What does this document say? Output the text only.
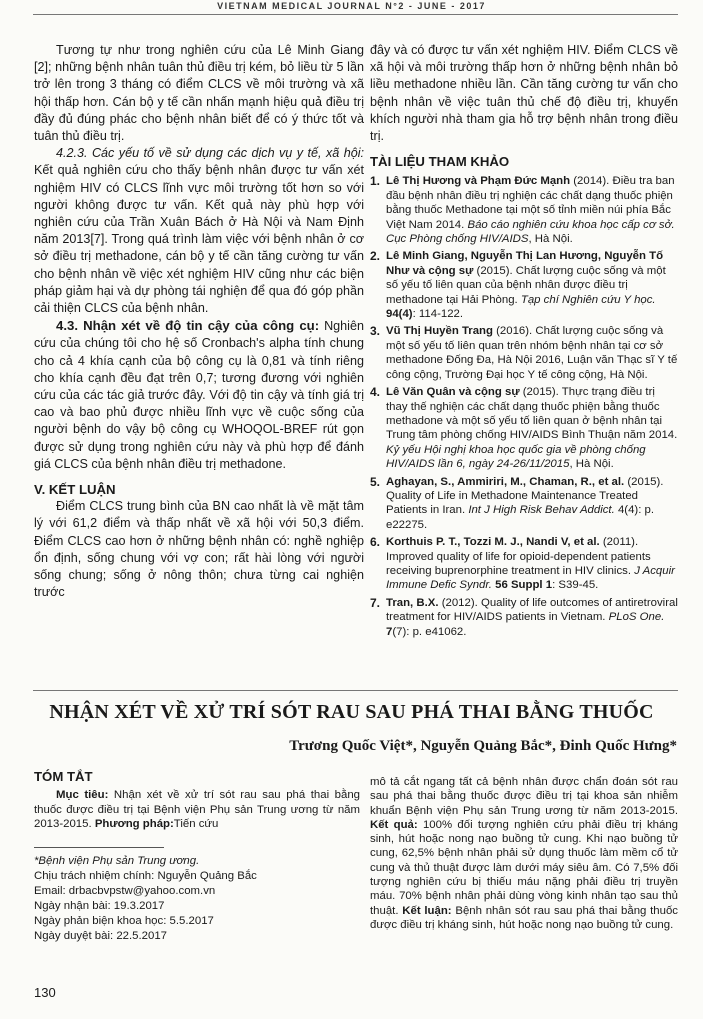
VIETNAM MEDICAL JOURNAL N°2 - JUNE - 2017

Tương tự như trong nghiên cứu của Lê Minh Giang [2]; những bệnh nhân tuân thủ điều trị kém, bỏ liều từ 5 lần trở lên trong 3 tháng có điểm CLCS về môi trường và xã hội thấp hơn. Cán bộ y tế cần nhấn mạnh hiệu quả điều trị đầy đủ đúng phác cho bệnh nhân biết để có ý thức tốt và tuân thủ điều trị.

4.2.3. Các yếu tố về sử dụng các dịch vụ y tế, xã hội: Kết quả nghiên cứu cho thấy bệnh nhân được tư vấn xét nghiệm HIV có CLCS lĩnh vực môi trường tốt hơn so với người không được tư vấn. Kết quả này phù hợp với nghiên cứu của Trần Xuân Bách ở Hà Nội và Nam Định năm 2013[7]. Trong quá trình làm việc với bệnh nhân ở cơ sở điều trị methadone, cán bộ y tế cần tăng cường tư vấn cho bệnh nhân về việc xét nghiệm HIV cũng như các biện pháp giảm hại và dự phòng tái nghiện để qua đó góp phần cải thiện CLCS của bệnh nhân.

4.3. Nhận xét về độ tin cậy của công cụ: Nghiên cứu của chúng tôi cho hệ số Cronbach's alpha tính chung cho cả 4 khía cạnh của bộ công cụ là 0,81 và tính riêng cho khía cạnh đều đạt trên 0,7; tương đương với nghiên cứu của các tác giả trước đây. Với độ tin cậy và tính giá trị cao và bao phủ được nhiều lĩnh vực về cuộc sống của người bệnh do vậy bộ công cụ WHOQOL-BREF rút gọn được sử dụng trong nghiên cứu này và phù hợp để đánh giá CLCS của bệnh nhân điều trị methadone.

V. KẾT LUẬN

Điểm CLCS trung bình của BN cao nhất là về mặt tâm lý với 61,2 điểm và thấp nhất về xã hội với 50,3 điểm. Điểm CLCS cao hơn ở những bệnh nhân có: nghề nghiệp ổn định, sống chung với vợ con; rất hài lòng với người sống chung; sống ở nông thôn; chưa từng cai nghiện trước

đây và có được tư vấn xét nghiệm HIV. Điểm CLCS về xã hội và môi trường thấp hơn ở những bệnh nhân bỏ liều methadone nhiều lần. Cần tăng cường tư vấn cho bệnh nhân về việc tuân thủ chế độ điều trị, khuyến khích người nhà tham gia hỗ trợ bệnh nhân trong điều trị.

TÀI LIỆU THAM KHẢO
1. Lê Thị Hương và Phạm Đức Mạnh (2014). Điều tra ban đầu bệnh nhân điều trị nghiện các chất dạng thuốc phiện bằng thuốc Methadone tại một số tỉnh miền núi phía Bắc Việt Nam 2014. Báo cáo nghiên cứu khoa học cấp cơ sở. Cục Phòng chống HIV/AIDS, Hà Nội.
2. Lê Minh Giang, Nguyễn Thị Lan Hương, Nguyễn Tố Như và cộng sự (2015). Chất lượng cuộc sống và một số yếu tố liên quan của bệnh nhân được điều trị methadone tại Hải Phòng. Tạp chí Nghiên cứu Y học. 94(4): 114-122.
3. Vũ Thị Huyền Trang (2016). Chất lượng cuộc sống và một số yếu tố liên quan trên nhóm bệnh nhân tại cơ sở methadone Đống Đa, Hà Nội 2016, Luận văn Thạc sĩ Y tế công cộng, Trường Đại học Y tế công cộng, Hà Nội.
4. Lê Văn Quân và cộng sự (2015). Thực trạng điều trị thay thế nghiện các chất dạng thuốc phiện bằng thuốc methadone và một số yếu tố liên quan ở bệnh nhân tại Trung tâm phòng chống HIV/AIDS Bình Thuận năm 2014. Kỷ yếu Hội nghị khoa học quốc gia về phòng chống HIV/AIDS lần 6, ngày 24-26/11/2015, Hà Nội.
5. Aghayan, S., Ammiriri, M., Chaman, R., et al. (2015). Quality of Life in Methadone Maintenance Treated Patients in Iran. Int J High Risk Behav Addict. 4(4): p. e22275.
6. Korthuis P. T., Tozzi M. J., Nandi V, et al. (2011). Improved quality of life for opioid-dependent patients receiving buprenorphine treatment in HIV clinics. J Acquir Immune Defic Syndr. 56 Suppl 1: S39-45.
7. Tran, B.X. (2012). Quality of life outcomes of antiretroviral treatment for HIV/AIDS patients in Vietnam. PLoS One. 7(7): p. e41062.
NHẬN XÉT VỀ XỬ TRÍ SÓT RAU SAU PHÁ THAI BẰNG THUỐC
Trương Quốc Việt*, Nguyễn Quảng Bắc*, Đinh Quốc Hưng*
TÓM TẮT
Mục tiêu: Nhận xét về xử trí sót rau sau phá thai bằng thuốc được điều trị tại Bệnh viện Phụ sản Trung ương từ năm 2013-2015. Phương pháp:Tiến cứu
*Bệnh viện Phụ sản Trung ương.
Chịu trách nhiệm chính: Nguyễn Quảng Bắc
Email: drbacbvpstw@yahoo.com.vn
Ngày nhận bài: 19.3.2017
Ngày phản biện khoa học: 5.5.2017
Ngày duyệt bài: 22.5.2017
mô tả cắt ngang tất cả bệnh nhân được chẩn đoán sót rau sau phá thai bằng thuốc được điều trị tại khoa sản nhiễm khuẩn Bệnh viện Phụ sản Trung ương từ năm 2013-2015. Kết quả: 100% đối tượng nghiên cứu phải điều trị kháng sinh, hút hoặc nong nạo buồng tử cung. Khi nạo buồng tử cung, 62,5% bệnh nhân phải sử dụng thuốc làm mềm cổ tử cung và thủ thuật được làm dưới máy siêu âm. Có 7,5% đối tượng nghiên cứu bị thiếu máu nặng phải điều trị truyền máu. 70% bệnh nhân phải dùng vòng kinh nhân tạo sau thủ thuật. Kết luận: Bệnh nhân sót rau sau phá thai bằng thuốc được điều trị kháng sinh, hút hoặc nong nạo buồng tử cung.
130
